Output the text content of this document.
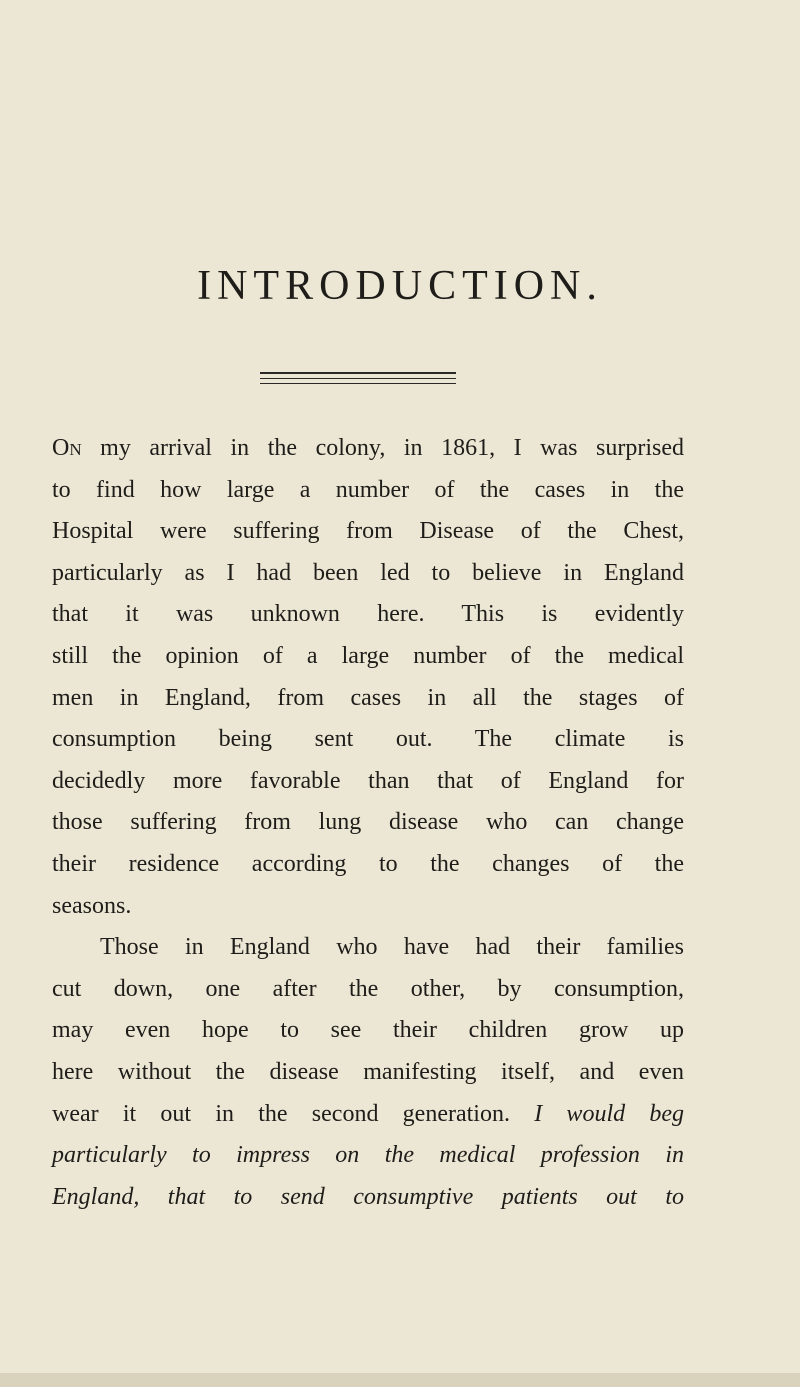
INTRODUCTION.
On my arrival in the colony, in 1861, I was surprised
to find how large a number of the cases in the
Hospital were suffering from Disease of the Chest,
particularly as I had been led to believe in England
that it was unknown here. This is evidently
still the opinion of a large number of the medical
men in England, from cases in all the stages of
consumption being sent out. The climate is
decidedly more favorable than that of England for
those suffering from lung disease who can change
their residence according to the changes of the
seasons.
Those in England who have had their families
cut down, one after the other, by consumption,
may even hope to see their children grow up
here without the disease manifesting itself, and even
wear it out in the second generation. I would beg
particularly to impress on the medical profession in
England, that to send consumptive patients out to
